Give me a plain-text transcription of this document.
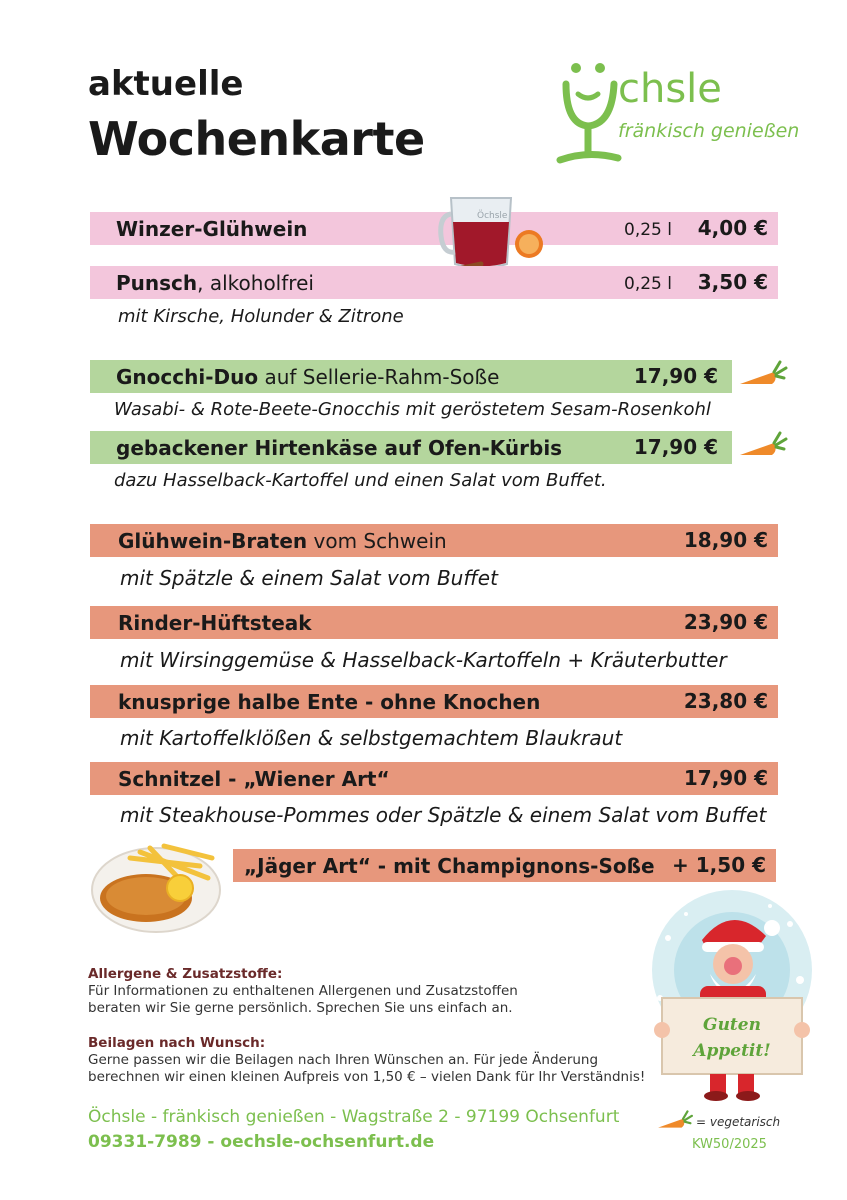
aktuelle
Wochenkarte
chsle
fränkisch genießen
Winzer-Glühwein	0,25 l	4,00 €
Öchsle
Punsch, alkoholfrei	0,25 l	3,50 €
mit Kirsche, Holunder & Zitrone
Gnocchi-Duo auf Sellerie-Rahm-Soße	17,90 €
Wasabi- & Rote-Beete-Gnocchis mit geröstetem Sesam-Rosenkohl
gebackener Hirtenkäse auf Ofen-Kürbis	17,90 €
dazu Hasselback-Kartoffel und einen Salat vom Buffet.
Glühwein-Braten vom Schwein	18,90 €
mit Spätzle & einem Salat vom Buffet
Rinder-Hüftsteak	23,90 €
mit Wirsinggemüse & Hasselback-Kartoffeln + Kräuterbutter
knusprige halbe Ente - ohne Knochen	23,80 €
mit Kartoffelklößen & selbstgemachtem Blaukraut
Schnitzel - „Wiener Art“	17,90 €
mit Steakhouse-Pommes oder Spätzle & einem Salat vom Buffet
„Jäger Art“ - mit Champignons-Soße + 1,50 €
Guten
Appetit!
Allergene & Zusatzstoffe:
Für Informationen zu enthaltenen Allergenen und Zusatzstoffen
beraten wir Sie gerne persönlich. Sprechen Sie uns einfach an.
Beilagen nach Wunsch:
Gerne passen wir die Beilagen nach Ihren Wünschen an. Für jede Änderung
berechnen wir einen kleinen Aufpreis von 1,50 € – vielen Dank für Ihr Verständnis!
= vegetarisch
Öchsle - fränkisch genießen - Wagstraße 2 - 97199 Ochsenfurt
09331-7989 - oechsle-ochsenfurt.de	KW50/2025
